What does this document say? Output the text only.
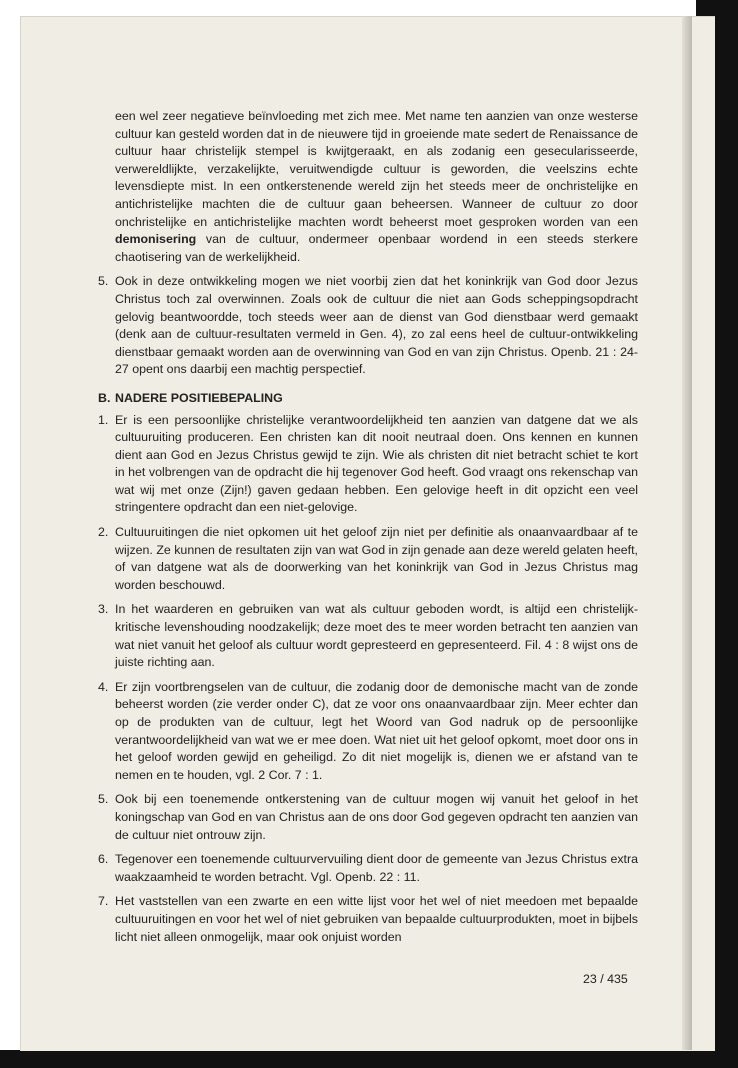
een wel zeer negatieve beïnvloeding met zich mee. Met name ten aanzien van onze westerse cultuur kan gesteld worden dat in de nieuwere tijd in groeiende mate sedert de Renaissance de cultuur haar christelijk stempel is kwijtgeraakt, en als zodanig een gesecularisseerde, verwereldlijkte, verzakelijkte, veruitwendigde cultuur is geworden, die veelszins echte levensdiepte mist. In een ontkerstenende wereld zijn het steeds meer de onchristelijke en antichristelijke machten die de cultuur gaan beheersen. Wanneer de cultuur zo door onchristelijke en antichristelijke machten wordt beheerst moet gesproken worden van een demonisering van de cultuur, ondermeer openbaar wordend in een steeds sterkere chaotisering van de werkelijkheid.

5. Ook in deze ontwikkeling mogen we niet voorbij zien dat het koninkrijk van God door Jezus Christus toch zal overwinnen. Zoals ook de cultuur die niet aan Gods scheppingsopdracht gelovig beantwoordde, toch steeds weer aan de dienst van God dienstbaar werd gemaakt (denk aan de cultuur-resultaten vermeld in Gen. 4), zo zal eens heel de cultuur-ontwikkeling dienstbaar gemaakt worden aan de overwinning van God en van zijn Christus. Openb. 21 : 24-27 opent ons daarbij een machtig perspectief.
B. NADERE POSITIEBEPALING
1. Er is een persoonlijke christelijke verantwoordelijkheid ten aanzien van datgene dat we als cultuuruiting produceren. Een christen kan dit nooit neutraal doen. Ons kennen en kunnen dient aan God en Jezus Christus gewijd te zijn. Wie als christen dit niet betracht schiet te kort in het volbrengen van de opdracht die hij tegenover God heeft. God vraagt ons rekenschap van wat wij met onze (Zijn!) gaven gedaan hebben. Een gelovige heeft in dit opzicht een veel stringentere opdracht dan een niet-gelovige.
2. Cultuuruitingen die niet opkomen uit het geloof zijn niet per definitie als onaanvaardbaar af te wijzen. Ze kunnen de resultaten zijn van wat God in zijn genade aan deze wereld gelaten heeft, of van datgene wat als de doorwerking van het koninkrijk van God in Jezus Christus mag worden beschouwd.
3. In het waarderen en gebruiken van wat als cultuur geboden wordt, is altijd een christelijk-kritische levenshouding noodzakelijk; deze moet des te meer worden betracht ten aanzien van wat niet vanuit het geloof als cultuur wordt gepresteerd en gepresenteerd. Fil. 4 : 8 wijst ons de juiste richting aan.
4. Er zijn voortbrengselen van de cultuur, die zodanig door de demonische macht van de zonde beheerst worden (zie verder onder C), dat ze voor ons onaanvaardbaar zijn. Meer echter dan op de produkten van de cultuur, legt het Woord van God nadruk op de persoonlijke verantwoordelijkheid van wat we er mee doen. Wat niet uit het geloof opkomt, moet door ons in het geloof worden gewijd en geheiligd. Zo dit niet mogelijk is, dienen we er afstand van te nemen en te houden, vgl. 2 Cor. 7 : 1.
5. Ook bij een toenemende ontkerstening van de cultuur mogen wij vanuit het geloof in het koningschap van God en van Christus aan de ons door God gegeven opdracht ten aanzien van de cultuur niet ontrouw zijn.
6. Tegenover een toenemende cultuurvervuiling dient door de gemeente van Jezus Christus extra waakzaamheid te worden betracht. Vgl. Openb. 22 : 11.
7. Het vaststellen van een zwarte en een witte lijst voor het wel of niet meedoen met bepaalde cultuuruitingen en voor het wel of niet gebruiken van bepaalde cultuurprodukten, moet in bijbels licht niet alleen onmogelijk, maar ook onjuist worden
23 / 435
